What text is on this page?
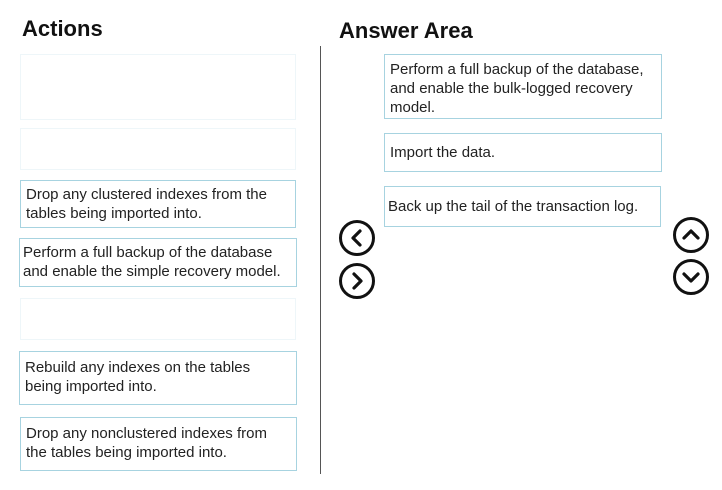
Actions	Answer Area
Drop any clustered indexes from the tables being imported into.
Perform a full backup of the database and enable the simple recovery model.
Rebuild any indexes on the tables being imported into.
Drop any nonclustered indexes from the tables being imported into.
Perform a full backup of the database, and enable the bulk-logged recovery model.
Import the data.
Back up the tail of the transaction log.
